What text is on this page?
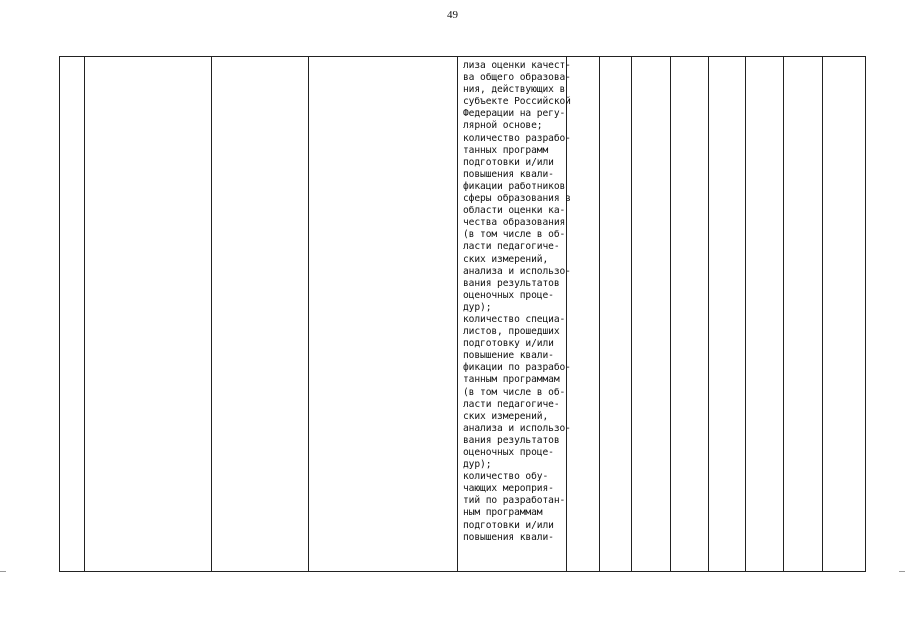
49
лиза оценки качест-
ва общего образова-
ния, действующих в
субъекте Российской
Федерации на регу-
лярной основе;
количество разрабо-
танных программ
подготовки и/или
повышения квали-
фикации работников
сферы образования в
области оценки ка-
чества образования
(в том числе в об-
ласти педагогиче-
ских измерений,
анализа и использо-
вания результатов
оценочных проце-
дур);
количество специа-
листов, прошедших
подготовку и/или
повышение квали-
фикации по разрабо-
танным программам
(в том числе в об-
ласти педагогиче-
ских измерений,
анализа и использо-
вания результатов
оценочных проце-
дур);
количество обу-
чающих мероприя-
тий по разработан-
ным программам
подготовки и/или
повышения квали-
